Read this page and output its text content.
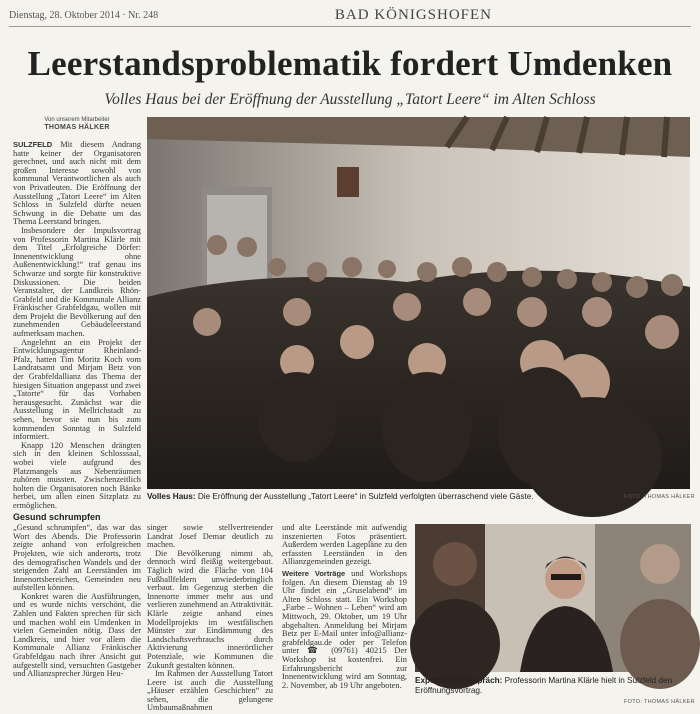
Dienstag, 28. Oktober 2014 · Nr. 248	BAD KÖNIGSHOFEN
Leerstandsproblematik fordert Umdenken
Volles Haus bei der Eröffnung der Ausstellung „Tatort Leere“ im Alten Schloss
Von unserem Mitarbeiter
THOMAS HÄLKER

SULZFELD Mit diesem Andrang hatte keiner der Organisatoren gerechnet, und auch nicht mit dem großen Interesse sowohl von kommunal Verantwortlichen als auch von Privatleuten. Die Eröffnung der Ausstellung „Tatort Leere“ im Alten Schloss in Sulzfeld dürfte neuen Schwung in die Debatte um das Thema Leerstand bringen.

Insbesondere der Impulsvortrag von Professorin Martina Klärle mit dem Titel „Erfolgreiche Dörfer: Innenentwicklung ohne Außenentwicklung!“ traf genau ins Schwarze und sorgte für konstruktive Diskussionen. Die beiden Veranstalter, der Landkreis Rhön-Grabfeld und die Kommunale Allianz Fränkischer Grabfeldgau, wollen mit dem Projekt die Bevölkerung auf den zunehmenden Gebäudeleerstand aufmerksam machen.

Angelehnt an ein Projekt der Entwicklungsagentur Rheinland-Pfalz, hatten Tim Moritz Koch vom Landratsamt und Mirjam Betz von der Grabfeldallianz das Thema der hiesigen Situation angepasst und zwei „Tatorte“ für das Vorhaben herausgesucht. Zunächst war die Ausstellung in Mellrichstadt zu sehen, bevor sie nun bis zum kommenden Sonntag in Sulzfeld informiert.

Knapp 120 Menschen drängten sich in den kleinen Schlosssaal, wobei viele aufgrund des Platzmangels aus Nebenräumen zuhören mussten. Zwischenzeitlich holten die Organisatoren noch Bänke herbei, um allen einen Sitzplatz zu ermöglichen.

Gesund schrumpfen

„Gesund schrumpfen“, das war das Wort des Abends. Die Professorin zeigte anhand von erfolgreichen Projekten, wie sich anderorts, trotz des demografischen Wandels und der steigenden Zahl an Leerständen im Innenortsbereichen, Gemeinden neu aufstellen können.

Konkret waren die Ausführungen, und es wurde nichts verschönt, die Zahlen und Fakten sprechen für sich und machen wohl ein Umdenken in vielen Gemeinden nötig. Dass der Landkreis, und hier vor allem die Kommunale Allianz Fränkischer Grabfeldgau nach ihrer Ansicht gut aufgestellt sind, versuchten Gastgeber und Allianzsprecher Jürgen Heu-

Volles Haus: Die Eröffnung der Ausstellung „Tatort Leere“ in Sulzfeld verfolgten überraschend viele Gäste.	FOTO: THOMAS HÄLKER

singer sowie stellvertretender Landrat Josef Demar deutlich zu machen.

Die Bevölkerung nimmt ab, dennoch wird fleißig weitergebaut. Täglich wird die Fläche von 104 Fußballfeldern unwiederbringlich verbaut. Im Gegenzug sterben die Innenorte immer mehr aus und verlieren zunehmend an Attraktivität. Klärle zeigte anhand eines Modellprojekts im westfälischen Münster zur Eindämmung des Landschaftsverbrauchs durch Aktivierung innerörtlicher Potenziale, wie Kommunen die Zukunft gestalten können.

Im Rahmen der Ausstellung Tatort Leere ist auch die Ausstellung „Häuser erzählen Geschichten“ zu sehen, die gelungene Umbaumaßnahmen

und alte Leerstände mit aufwendig inszenierten Fotos präsentiert. Außerdem werden Lagepläne zu den erfassten Leerständen in den Allianzgemeinden gezeigt.

Weitere Vorträge und Workshops folgen. An diesem Dienstag ab 19 Uhr findet ein „Gruselabend“ im Alten Schloss statt. Ein Workshop „Farbe – Wohnen – Leben“ wird am Mittwoch, 29. Oktober, um 19 Uhr abgehalten. Anmeldung bei Mirjam Betz per E-Mail unter info@allianz-grabfeldgau.de oder per Telefon unter ☎ (09761) 40215 Der Workshop ist kostenfrei. Ein Erfahrungsbericht zur Innenentwicklung wird am Sonntag, 2. November, ab 19 Uhr angeboten.

Expertin im Gespräch: Professorin Martina Klärle hielt in Sulzfeld den Eröffnungsvortrag.
FOTO: THOMAS HÄLKER
